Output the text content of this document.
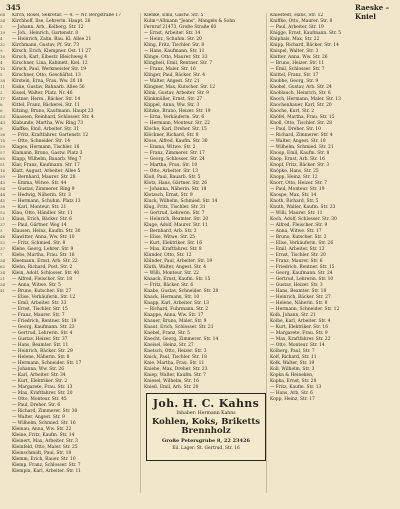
345	Raeske – Kniel
64
34
5
19
4
32
9
16
4
10
5
38
11
2
17
8
6
53
43
9
36
14
59
57
85
51
16
59
43
54
44
45
38
52
21
37
5
46
52
37
7
34
62
34
21
34
41
Kirch, Rosel, Sekretär. — 4. — Nr. Bergstraße 17
Kirchhoff, Ilse, Lehrerin. Haupt. 26
— Johann, Arb., Kolberg. Str. 12
— Joh., Heinrich, Gartenstr. 8
— Heinrich, Zahn. Bau. Kl. Allee 21
Kirchmann, Gustav, Pf. Str. 73
Kirsch, Erich, Klempner. Ost. 11 27
Kirsch, Karl, Elbestr. Bleichweg 4
Kirschner, Lina, Kabinett, Kiel. 12
Kirsch, Paul, Werkmeister Str. 19
Kirschner, Otto, Geschäftst. 13
Kirstein, Erna, Frau, Ww. 20 18
Kiske, Gustav, Bahnarb. Allee 56
Kissel, Walter, Platz. Nr. 46
Kistner, Herm., Bäcker. Str. 14
Kittel, Franz, Bäckerei. Str. 11
Kitzing, Bruno, Kaufmann. Haupt 23
Klaassen, Reinhard, Schlosser. Str. 4
Klabunde, Martha, Ww. Ring 73
Klaffke, Emil, Arbeiter. Str. 31
— Fritz, Kraftfahrer. Gartenstr. 12
— Otto, Schneider. Str. 14
Klages, Hermann, Tischler. 16
Klamann, Bruno, Gastw. Platz 3
Klapp, Wilhelm, Bauarb. Weg 7
Klar, Franz, Kaufmann. Str. 17
Klatt, August, Arbeiter. Allee 5
— Bernhard, Maurer. Str. 28
— Emma, Witwe. Str. 44
— Gustav, Zimmerer. Ring 9
— Hedwig, Näherin. Str. 3
— Hermann, Schuhm. Platz 13
— Karl, Monteur. Str. 21
Klau, Otto, Händler. Str. 11
Klaus, Erich, Bäcker. Str. 6
— Paul, Gärtner. Weg 14
Klausen, Heinz, Kaufm. Str. 30
Klawitter, Anna, Ww. Str. 10
— Fritz, Schmied. Str. 8
Klebe, Georg, Lehrer. Str. 9
Klebs, Martha, Frau. Str. 16
Kleemann, Ernst, Arb. Str. 22
Klehn, Richard, Post. Str. 2
Klein, Adolf, Schlosser. Str. 40
— Alfred, Fleischer. Str. 18
— Anna, Witwe. Str. 5
— Bruno, Kutscher. Str. 27
— Elise, Verkäuferin. Str. 12
— Emil, Arbeiter. Str. 33
— Ernst, Tischler. Str. 15
— Franz, Maurer. Str. 7
— Friedrich, Rentner. Str. 19
— Georg, Kaufmann. Str. 23
— Gertrud, Lehrerin. Str. 4
— Gustav, Heizer. Str. 37
— Hans, Beamter. Str. 11
— Heinrich, Bäcker. Str. 29
— Helene, Näherin. Str. 8
— Hermann, Schneider. Str. 17
— Johanna, Ww. Str. 26
— Karl, Arbeiter. Str. 34
— Kurt, Elektriker. Str. 2
— Margarete, Frau. Str. 13
— Max, Kraftfahrer. Str. 20
— Otto, Monteur. Str. 45
— Paul, Dreher. Str. 6
— Richard, Zimmerer. Str. 30
— Walter, Angest. Str. 9
— Wilhelm, Schmied. Str. 16
Kleinau, Anna, Ww. Str. 22
Kleine, Fritz, Kaufm. Str. 14
Kleinert, Max, Arbeiter. Str. 3
Kleinfeld, Otto, Maler. Str. 25
Kleinschmidt, Paul, Str. 18
Klemm, Erich, Bauer. Str. 10
Klemp, Franz, Schlosser. Str. 7
Klempin, Karl, Arbeiter. Str. 11
Klenke, Emil, Gastw. Str. 5
Kulm=Allmann "Jeans", Mangels & Sohn
Fernruf 21473, Große Straße 60
— Ernst, Arbeiter. Str. 14
— Heinr., Schuhm. Str. 20
Kling, Fritz, Tischler. Str. 8
— Hans, Kaufmann. Str. 11
Klinge, Otto, Maurer. Str. 33
Klingbeil, Emil, Rentner. Str. 7
— Franz, Maler. Str. 16
Klinger, Paul, Bäcker. Str. 4
— Walter, Angest. Str. 21
Klingner, Max, Kutscher. Str. 12
Klink, Gustav, Arbeiter. Str. 9
Klinkmüller, Ernst, Str. 27
Klippel, Anna, Ww. Str. 3
Klitzke, Bruno, Heizer. Str. 19
— Erna, Verkäuferin. Str. 6
— Hermann, Monteur. Str. 22
Klocke, Karl, Dreher. Str. 15
Klöckner, Richard, Str. 8
Klose, Alfred, Kaufm. Str. 30
— Emma, Witwe. Str. 2
— Franz, Zimmerer. Str. 17
— Georg, Schlosser. Str. 24
— Martha, Frau. Str. 10
— Otto, Arbeiter. Str. 13
Kloß, Paul, Bauarb. Str. 5
Klotz, Hans, Gärtner. Str. 26
— Johanna, Näherin. Str. 18
Klotzsch, Ernst, Str. 9
Kluck, Wilhelm, Schmied. Str. 14
Klug, Fritz, Tischler. Str. 31
— Gertrud, Lehrerin. Str. 7
— Heinrich, Beamter. Str. 20
Kluge, Adolf, Maurer. Str. 11
— Bernhard, Arb. Str. 3
— Elise, Witwe. Str. 25
— Kurt, Elektriker. Str. 16
— Max, Kraftfahrer. Str. 8
Klunder, Otto, Str. 12
Klünder, Paul, Arbeiter. Str. 19
Kluth, Walter, Angest. Str. 4
— Willi, Monteur. Str. 22
Knaack, Ernst, Kaufm. Str. 15
— Fritz, Bäcker. Str. 6
Knabe, Gustav, Schneider. Str. 28
Knack, Hermann, Str. 10
Knapp, Karl, Arbeiter. Str. 13
— Richard, Fuhrmann. Str. 2
Knappe, Anna, Ww. Str. 17
Knauer, Bruno, Maler. Str. 9
Knaut, Erich, Schlosser. Str. 21
Knebel, Franz, Str. 5
Knecht, Georg, Zimmerer. Str. 14
Kneisel, Heinz, Str. 27
Knetsch, Otto, Heizer. Str. 3
Knick, Paul, Tischler. Str. 18
Knie, Martha, Frau. Str. 11
Kniebe, Max, Dreher. Str. 23
Kniep, Walter, Kaufm. Str. 7
Kniesel, Wilhelm, Str. 16
Knieß, Emil, Arb. Str. 20
Kniestedt, Hans, Str. 12
Kniffke, Otto, Maurer. Str. 8
— Paul, Arbeiter. Str. 19
Knigge, Ernst, Kaufmann. Str. 5
Kniphals, Max, Str. 22
Knipp, Richard, Bäcker. Str. 14
Knispel, Walter, Str. 3
Knitter, Anna, Ww. Str. 26
— Bruno, Heizer. Str. 11
— Emil, Schlosser. Str. 7
Knittel, Franz, Str. 17
Knobbe, Georg, Str. 9
Knobel, Gustav, Arb. Str. 24
Knoblauch, Heinrich, Str. 6
Knoch, Hermann, Maler. Str. 13
Knochenhauer, Karl, Str. 20
Knoche, Kurt, Str. 2
Knöfel, Martha, Frau. Str. 15
Knoll, Otto, Tischler. Str. 28
— Paul, Dreher. Str. 10
— Richard, Zimmerer. Str. 4
— Walter, Angest. Str. 18
— Wilhelm, Schmied. Str. 21
Knoop, Emil, Kaufm. Str. 8
Knop, Ernst, Arb. Str. 16
Knopf, Fritz, Bäcker. Str. 3
Knöpke, Hans, Str. 25
Knopp, Heinz, Str. 12
Knorr, Otto, Heizer. Str. 7
— Paul, Monteur. Str. 19
Knospe, Max, Str. 14
Knoth, Richard, Str. 5
Knuth, Walter, Kaufm. Str. 23
— Willi, Maurer. Str. 11
Koch, Adolf, Schlosser. Str. 30
— Alfred, Fleischer. Str. 9
— Anna, Witwe. Str. 17
— Bruno, Kutscher. Str. 2
— Elise, Verkäuferin. Str. 26
— Emil, Arbeiter. Str. 13
— Ernst, Tischler. Str. 20
— Franz, Maurer. Str. 6
— Friedrich, Rentner. Str. 15
— Georg, Kaufmann. Str. 24
— Gertrud, Lehrerin. Str. 10
— Gustav, Heizer. Str. 3
— Hans, Beamter. Str. 18
— Heinrich, Bäcker. Str. 27
— Helene, Näherin. Str. 8
— Hermann, Schneider. Str. 12
Kolb, Johann, Str. 21
Kolbe, Karl, Arbeiter. Str. 4
— Kurt, Elektriker. Str. 16
— Margarete, Frau. Str. 9
— Max, Kraftfahrer. Str. 22
— Otto, Monteur. Str. 14
Kolberg, Paul, Str. 7
Kolf, Richard, Str. 11
Kolk, Walter, Str. 19
Koll, Wilhelm, Str. 3
Kopka & Heineken,
Kopka, Ernst, Str. 28
— Fritz, Kaufm. Str. 13
— Hans, Arb. Str. 6
Kopp, Heinz, Str. 17
Joh. H. C. Kahns
Inhaber: Hermann Kahns
Kohlen, Koks, Briketts Brennholz
Große Petersgrube 8, 22 23426
Eil. Lager: St. Gertrud, Str. 16
